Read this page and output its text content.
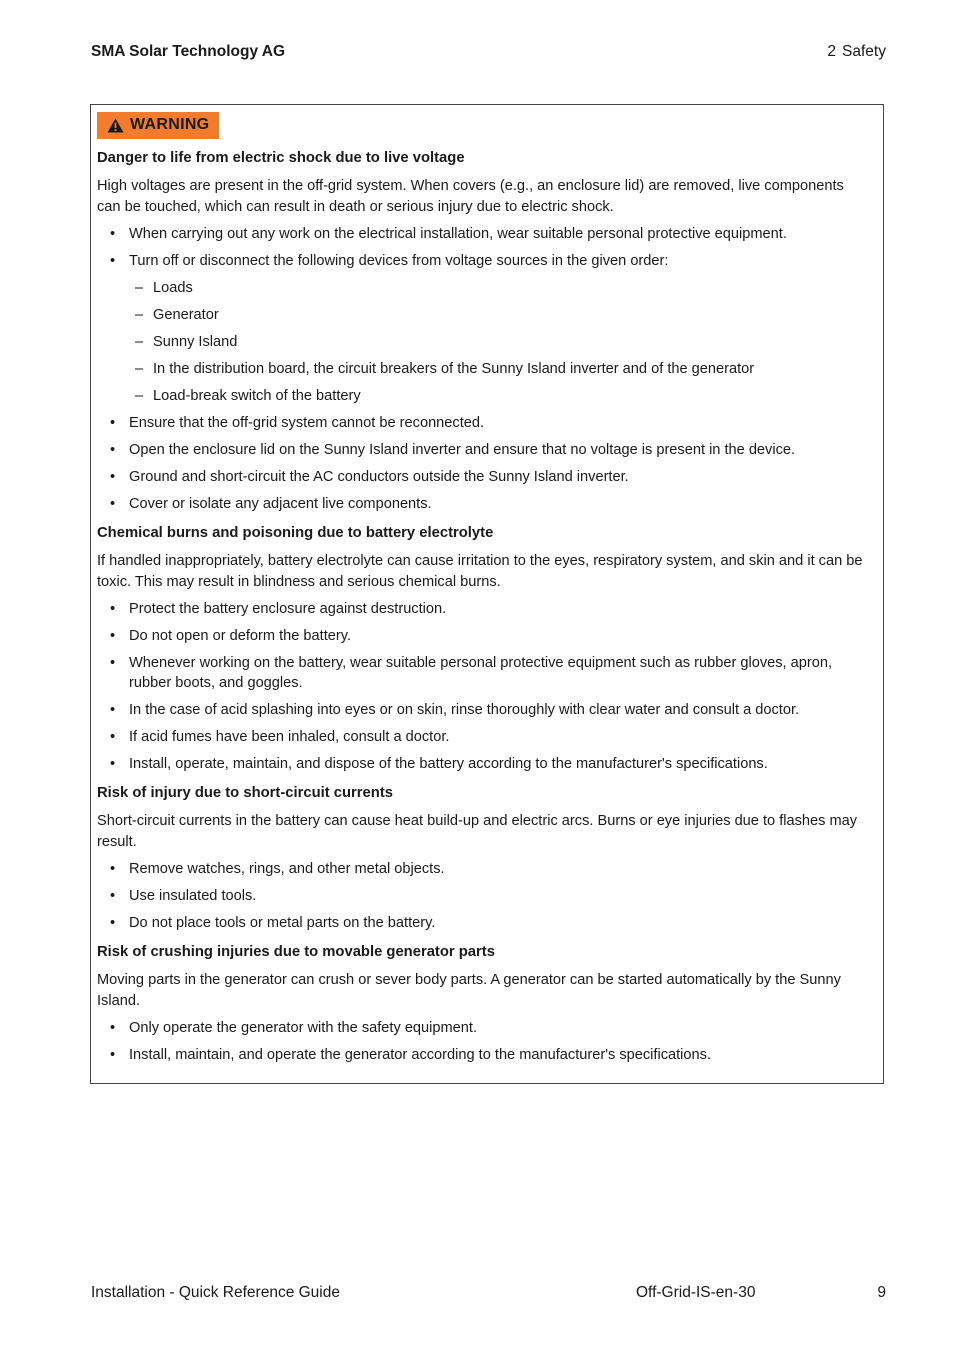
SMA Solar Technology AG	2 Safety
WARNING
Danger to life from electric shock due to live voltage
High voltages are present in the off-grid system. When covers (e.g., an enclosure lid) are removed, live components can be touched, which can result in death or serious injury due to electric shock.
• When carrying out any work on the electrical installation, wear suitable personal protective equipment.
• Turn off or disconnect the following devices from voltage sources in the given order:
– Loads
– Generator
– Sunny Island
– In the distribution board, the circuit breakers of the Sunny Island inverter and of the generator
– Load-break switch of the battery
• Ensure that the off-grid system cannot be reconnected.
• Open the enclosure lid on the Sunny Island inverter and ensure that no voltage is present in the device.
• Ground and short-circuit the AC conductors outside the Sunny Island inverter.
• Cover or isolate any adjacent live components.
Chemical burns and poisoning due to battery electrolyte
If handled inappropriately, battery electrolyte can cause irritation to the eyes, respiratory system, and skin and it can be toxic. This may result in blindness and serious chemical burns.
• Protect the battery enclosure against destruction.
• Do not open or deform the battery.
• Whenever working on the battery, wear suitable personal protective equipment such as rubber gloves, apron, rubber boots, and goggles.
• In the case of acid splashing into eyes or on skin, rinse thoroughly with clear water and consult a doctor.
• If acid fumes have been inhaled, consult a doctor.
• Install, operate, maintain, and dispose of the battery according to the manufacturer's specifications.
Risk of injury due to short-circuit currents
Short-circuit currents in the battery can cause heat build-up and electric arcs. Burns or eye injuries due to flashes may result.
• Remove watches, rings, and other metal objects.
• Use insulated tools.
• Do not place tools or metal parts on the battery.
Risk of crushing injuries due to movable generator parts
Moving parts in the generator can crush or sever body parts. A generator can be started automatically by the Sunny Island.
• Only operate the generator with the safety equipment.
• Install, maintain, and operate the generator according to the manufacturer's specifications.
Installation - Quick Reference Guide	Off-Grid-IS-en-30	9
